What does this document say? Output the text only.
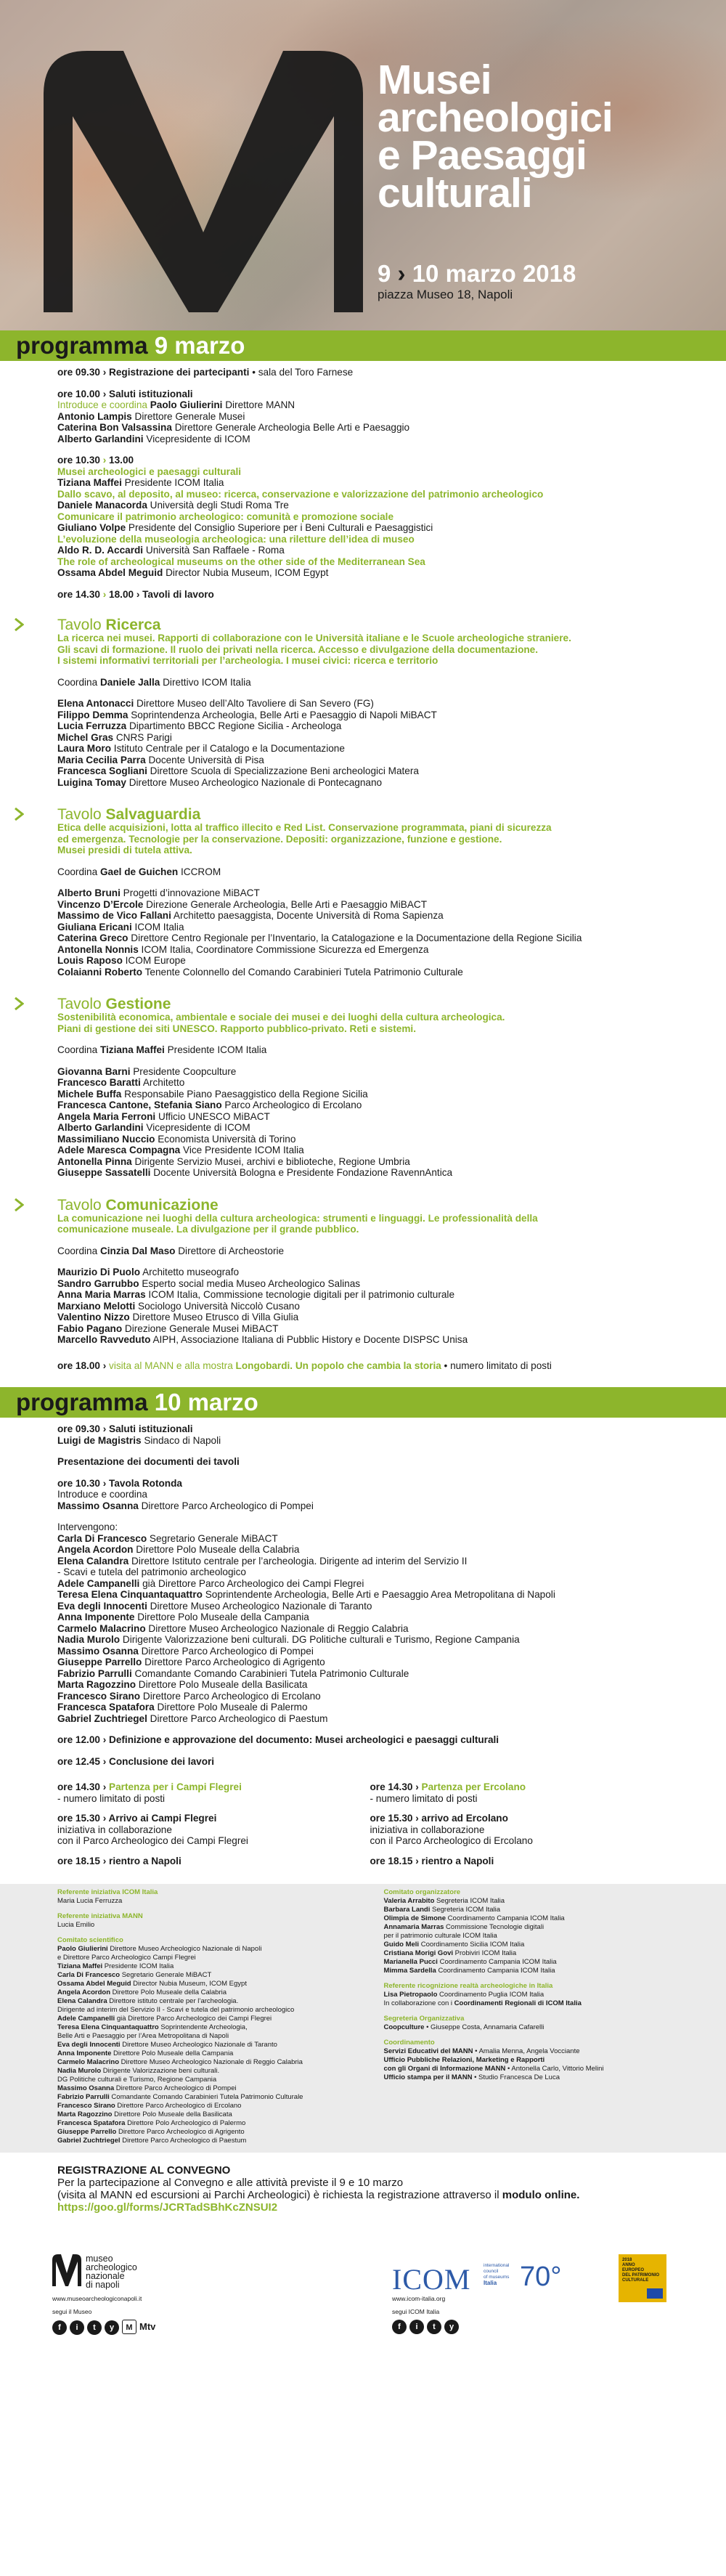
Musei
archeologici
e Paesaggi
culturali
9 › 10 marzo 2018
piazza Museo 18, Napoli
programma 9 marzo
ore 09.30 › Registrazione dei partecipanti • sala del Toro Farnese
ore 10.00 › Saluti istituzionali
Introduce e coordina Paolo Giulierini Direttore MANN
Antonio Lampis Direttore Generale Musei
Caterina Bon Valsassina Direttore Generale Archeologia Belle Arti e Paesaggio
Alberto Garlandini Vicepresidente di ICOM
ore 10.30 › 13.00
Musei archeologici e paesaggi culturali
Tiziana Maffei Presidente ICOM Italia
Dallo scavo, al deposito, al museo: ricerca, conservazione e valorizzazione del patrimonio archeologico
Daniele Manacorda Università degli Studi Roma Tre
Comunicare il patrimonio archeologico: comunità e promozione sociale
Giuliano Volpe Presidente del Consiglio Superiore per i Beni Culturali e Paesaggistici
L’evoluzione della museologia archeologica: una riletture dell’idea di museo
Aldo R. D. Accardi Università San Raffaele - Roma
The role of archeological museums on the other side of the Mediterranean Sea
Ossama Abdel Meguid Director Nubia Museum, ICOM Egypt
ore 14.30 › 18.00 › Tavoli di lavoro
Tavolo Ricerca
La ricerca nei musei. Rapporti di collaborazione con le Università italiane e le Scuole archeologiche straniere.
Gli scavi di formazione. Il ruolo dei privati nella ricerca. Accesso e divulgazione della documentazione.
I sistemi informativi territoriali per l’archeologia. I musei civici: ricerca e territorio
Coordina Daniele Jalla Direttivo ICOM Italia
Elena Antonacci Direttore Museo dell’Alto Tavoliere di San Severo (FG)
Filippo Demma Soprintendenza Archeologia, Belle Arti e Paesaggio di Napoli MiBACT
Lucia Ferruzza Dipartimento BBCC Regione Sicilia - Archeologa
Michel Gras CNRS Parigi
Laura Moro Istituto Centrale per il Catalogo e la Documentazione
Maria Cecilia Parra Docente Università di Pisa
Francesca Sogliani Direttore Scuola di Specializzazione Beni archeologici Matera
Luigina Tomay Direttore Museo Archeologico Nazionale di Pontecagnano
Tavolo Salvaguardia
Etica delle acquisizioni, lotta al traffico illecito e Red List. Conservazione programmata, piani di sicurezza
ed emergenza. Tecnologie per la conservazione. Depositi: organizzazione, funzione e gestione.
Musei presidi di tutela attiva.
Coordina Gael de Guichen ICCROM
Alberto Bruni Progetti d’innovazione MiBACT
Vincenzo D’Ercole Direzione Generale Archeologia, Belle Arti e Paesaggio MiBACT
Massimo de Vico Fallani Architetto paesaggista, Docente Università di Roma Sapienza
Giuliana Ericani ICOM Italia
Caterina Greco Direttore Centro Regionale per l’Inventario, la Catalogazione e la Documentazione della Regione Sicilia
Antonella Nonnis ICOM Italia, Coordinatore Commissione Sicurezza ed Emergenza
Louis Raposo ICOM Europe
Colaianni Roberto Tenente Colonnello del Comando Carabinieri Tutela Patrimonio Culturale
Tavolo Gestione
Sostenibilità economica, ambientale e sociale dei musei e dei luoghi della cultura archeologica.
Piani di gestione dei siti UNESCO. Rapporto pubblico-privato. Reti e sistemi.
Coordina Tiziana Maffei Presidente ICOM Italia
Giovanna Barni Presidente Coopculture
Francesco Baratti Architetto
Michele Buffa Responsabile Piano Paesaggistico della Regione Sicilia
Francesca Cantone, Stefania Siano Parco Archeologico di Ercolano
Angela Maria Ferroni Ufficio UNESCO MiBACT
Alberto Garlandini Vicepresidente di ICOM
Massimiliano Nuccio Economista Università di Torino
Adele Maresca Compagna Vice Presidente ICOM Italia
Antonella Pinna Dirigente Servizio Musei, archivi e biblioteche, Regione Umbria
Giuseppe Sassatelli Docente Università Bologna e Presidente Fondazione RavennAntica
Tavolo Comunicazione
La comunicazione nei luoghi della cultura archeologica: strumenti e linguaggi. Le professionalità della
comunicazione museale. La divulgazione per il grande pubblico.
Coordina Cinzia Dal Maso Direttore di Archeostorie
Maurizio Di Puolo Architetto museografo
Sandro Garrubbo Esperto social media Museo Archeologico Salinas
Anna Maria Marras ICOM Italia, Commissione tecnologie digitali per il patrimonio culturale
Marxiano Melotti Sociologo Università Niccolò Cusano
Valentino Nizzo Direttore Museo Etrusco di Villa Giulia
Fabio Pagano Direzione Generale Musei MiBACT
Marcello Ravveduto AIPH, Associazione Italiana di Pubblic History e Docente DISPSC Unisa
ore 18.00 › visita al MANN e alla mostra Longobardi. Un popolo che cambia la storia • numero limitato di posti
programma 10 marzo
ore 09.30 › Saluti istituzionali
Luigi de Magistris Sindaco di Napoli
Presentazione dei documenti dei tavoli
ore 10.30 › Tavola Rotonda
Introduce e coordina
Massimo Osanna Direttore Parco Archeologico di Pompei
Intervengono:
Carla Di Francesco Segretario Generale MiBACT
Angela Acordon Direttore Polo Museale della Calabria
Elena Calandra Direttore Istituto centrale per l’archeologia. Dirigente ad interim del Servizio II
- Scavi e tutela del patrimonio archeologico
Adele Campanelli già Direttore Parco Archeologico dei Campi Flegrei
Teresa Elena Cinquantaquattro Soprintendente Archeologia, Belle Arti e Paesaggio Area Metropolitana di Napoli
Eva degli Innocenti Direttore Museo Archeologico Nazionale di Taranto
Anna Imponente Direttore Polo Museale della Campania
Carmelo Malacrino Direttore Museo Archeologico Nazionale di Reggio Calabria
Nadia Murolo Dirigente Valorizzazione beni culturali. DG Politiche culturali e Turismo, Regione Campania
Massimo Osanna Direttore Parco Archeologico di Pompei
Giuseppe Parrello Direttore Parco Archeologico di Agrigento
Fabrizio Parrulli Comandante Comando Carabinieri Tutela Patrimonio Culturale
Marta Ragozzino Direttore Polo Museale della Basilicata
Francesco Sirano Direttore Parco Archeologico di Ercolano
Francesca Spatafora Direttore Polo Museale di Palermo
Gabriel Zuchtriegel Direttore Parco Archeologico di Paestum
ore 12.00 › Definizione e approvazione del documento: Musei archeologici e paesaggi culturali
ore 12.45 › Conclusione dei lavori
ore 14.30 › Partenza per i Campi Flegrei
- numero limitato di posti
ore 15.30 › Arrivo ai Campi Flegrei
iniziativa in collaborazione
con il Parco Archeologico dei Campi Flegrei
ore 18.15 › rientro a Napoli
ore 14.30 › Partenza per Ercolano
- numero limitato di posti
ore 15.30 › arrivo ad Ercolano
iniziativa in collaborazione
con il Parco Archeologico di Ercolano
ore 18.15 › rientro a Napoli
Referente iniziativa ICOM Italia
Maria Lucia Ferruzza
Referente iniziativa MANN
Lucia Emilio
Comitato scientifico
Paolo Giulierini Direttore Museo Archeologico Nazionale di Napoli
e Direttore Parco Archeologico Campi Flegrei
Tiziana Maffei Presidente ICOM Italia
Carla Di Francesco Segretario Generale MiBACT
Ossama Abdel Meguid Director Nubia Museum, ICOM Egypt
Angela Acordon Direttore Polo Museale della Calabria
Elena Calandra Direttore istituto centrale per l’archeologia.
Dirigente ad interim del Servizio II - Scavi e tutela del patrimonio archeologico
Adele Campanelli già Direttore Parco Archeologico dei Campi Flegrei
Teresa Elena Cinquantaquattro Soprintendente Archeologia,
Belle Arti e Paesaggio per l’Area Metropolitana di Napoli
Eva degli Innocenti Direttore Museo Archeologico Nazionale di Taranto
Anna Imponente Direttore Polo Museale della Campania
Carmelo Malacrino Direttore Museo Archeologico Nazionale di Reggio Calabria
Nadia Murolo Dirigente Valorizzazione beni culturali.
DG Politiche culturali e Turismo, Regione Campania
Massimo Osanna Direttore Parco Archeologico di Pompei
Fabrizio Parrulli Comandante Comando Carabinieri Tutela Patrimonio Culturale
Francesco Sirano Direttore Parco Archeologico di Ercolano
Marta Ragozzino Direttore Polo Museale della Basilicata
Francesca Spatafora Direttore Polo Archeologico di Palermo
Giuseppe Parrello Direttore Parco Archeologico di Agrigento
Gabriel Zuchtriegel Direttore Parco Archeologico di Paestum
Comitato organizzatore
Valeria Arrabito Segreteria ICOM Italia
Barbara Landi Segreteria ICOM Italia
Olimpia de Simone Coordinamento Campania ICOM Italia
Annamaria Marras Commissione Tecnologie digitali
per il patrimonio culturale ICOM Italia
Guido Meli Coordinamento Sicilia ICOM Italia
Cristiana Morigi Govi Probiviri ICOM Italia
Marianella Pucci Coordinamento Campania ICOM Italia
Mimma Sardella Coordinamento Campania ICOM Italia
Referente ricognizione realtà archeologiche in Italia
Lisa Pietropaolo Coordinamento Puglia ICOM Italia
In collaborazione con i Coordinamenti Regionali di ICOM Italia
Segreteria Organizzativa
Coopculture • Giuseppe Costa, Annamaria Cafarelli
Coordinamento
Servizi Educativi del MANN • Amalia Menna, Angela Vocciante
Ufficio Pubbliche Relazioni, Marketing e Rapporti
con gli Organi di Informazione MANN • Antonella Carlo, Vittorio Melini
Ufficio stampa per il MANN • Studio Francesca De Luca
REGISTRAZIONE AL CONVEGNO
Per la partecipazione al Convegno e alle attività previste il 9 e 10 marzo
(visita al MANN ed escursioni ai Parchi Archeologici) è richiesta la registrazione attraverso il modulo online.
https://goo.gl/forms/JCRTadSBhKcZNSUI2
museo
archeologico
nazionale
di napoli
www.museoarcheologiconapoli.it
segui il Museo
f i t y M Mtv
ICOM	international
council
of museums
Italia 70°
www.icom-italia.org
segui ICOM Italia
f i t y
2018
ANNO
EUROPEO
DEL PATRIMONIO
CULTURALE
